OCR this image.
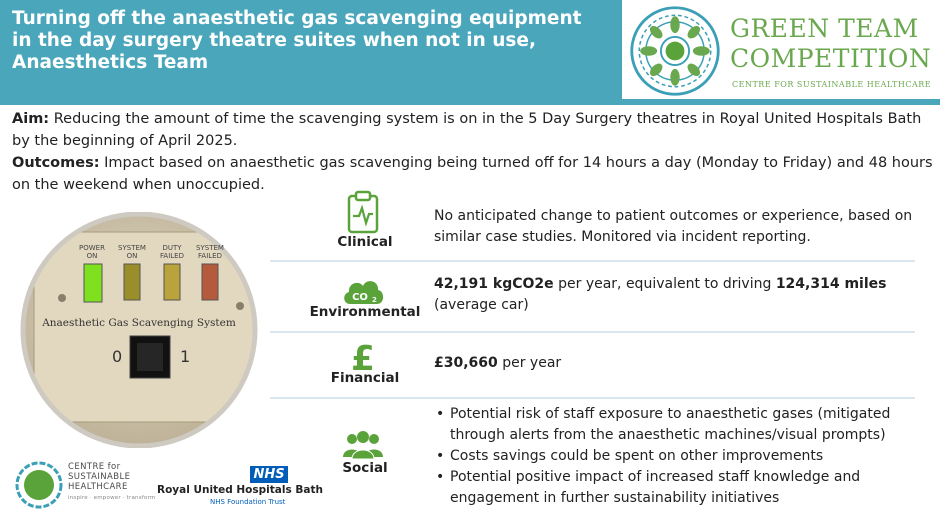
Turning off the anaesthetic gas scavenging equipment
in the day surgery theatre suites when not in use,
Anaesthetics Team
GREEN TEAM
COMPETITION
CENTRE FOR SUSTAINABLE HEALTHCARE
Aim: Reducing the amount of time the scavenging system is on in the 5 Day Surgery theatres in Royal United Hospitals Bath by the beginning of April 2025.
Outcomes: Impact based on anaesthetic gas scavenging being turned off for 14 hours a day (Monday to Friday) and 48 hours on the weekend when unoccupied.
POWER
ON
SYSTEM
ON
DUTY
FAILED
SYSTEM
FAILED
Anaesthetic Gas Scavenging System
0	1
Clinical
No anticipated change to patient outcomes or experience, based on similar case studies. Monitored via incident reporting.
CO 2
Environmental
42,191 kgCO2e per year, equivalent to driving 124,314 miles (average car)
£
Financial
£30,660 per year
Social
• Potential risk of staff exposure to anaesthetic gases (mitigated through alerts from the anaesthetic machines/visual prompts)
• Costs savings could be spent on other improvements
• Potential positive impact of increased staff knowledge and engagement in further sustainability initiatives
CENTRE for
SUSTAINABLE
HEALTHCARE
inspire · empower · transform
NHS
Royal United Hospitals Bath
NHS Foundation Trust
